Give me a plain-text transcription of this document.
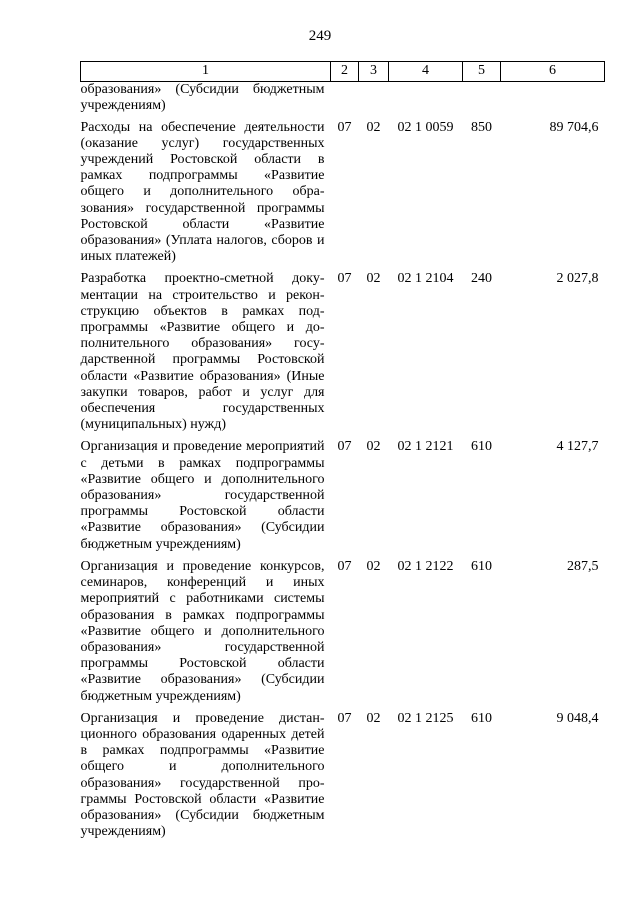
249
1	2	3	4	5	6
образования» (Субсидии бюджетным учреждениям)					
Расходы на обеспечение деятельности (оказание услуг) государственных учреждений Ростовской области в рамках подпрограммы «Развитие общего и дополнительного образования» государственной программы Ростовской области «Развитие образования» (Уплата налогов, сборов и иных платежей)	07	02	02 1 0059	850	89 704,6
Разработка проектно-сметной документации на строительство и реконструкцию объектов в рамках подпрограммы «Развитие общего и дополнительного образования» государственной программы Ростовской области «Развитие образования» (Иные закупки товаров, работ и услуг для обеспечения государственных (муниципальных) нужд)	07	02	02 1 2104	240	2 027,8
Организация и проведение мероприятий с детьми в рамках подпрограммы «Развитие общего и дополнительного образования» государственной программы Ростовской области «Развитие образования» (Субсидии бюджетным учреждениям)	07	02	02 1 2121	610	4 127,7
Организация и проведение конкурсов, семинаров, конференций и иных мероприятий с работниками системы образования в рамках подпрограммы «Развитие общего и дополнительного образования» государственной программы Ростовской области «Развитие образования» (Субсидии бюджетным учреждениям)	07	02	02 1 2122	610	287,5
Организация и проведение дистанционного образования одаренных детей в рамках подпрограммы «Развитие общего и дополнительного образования» государственной программы Ростовской области «Развитие образования» (Субсидии бюджетным учреждениям)	07	02	02 1 2125	610	9 048,4
